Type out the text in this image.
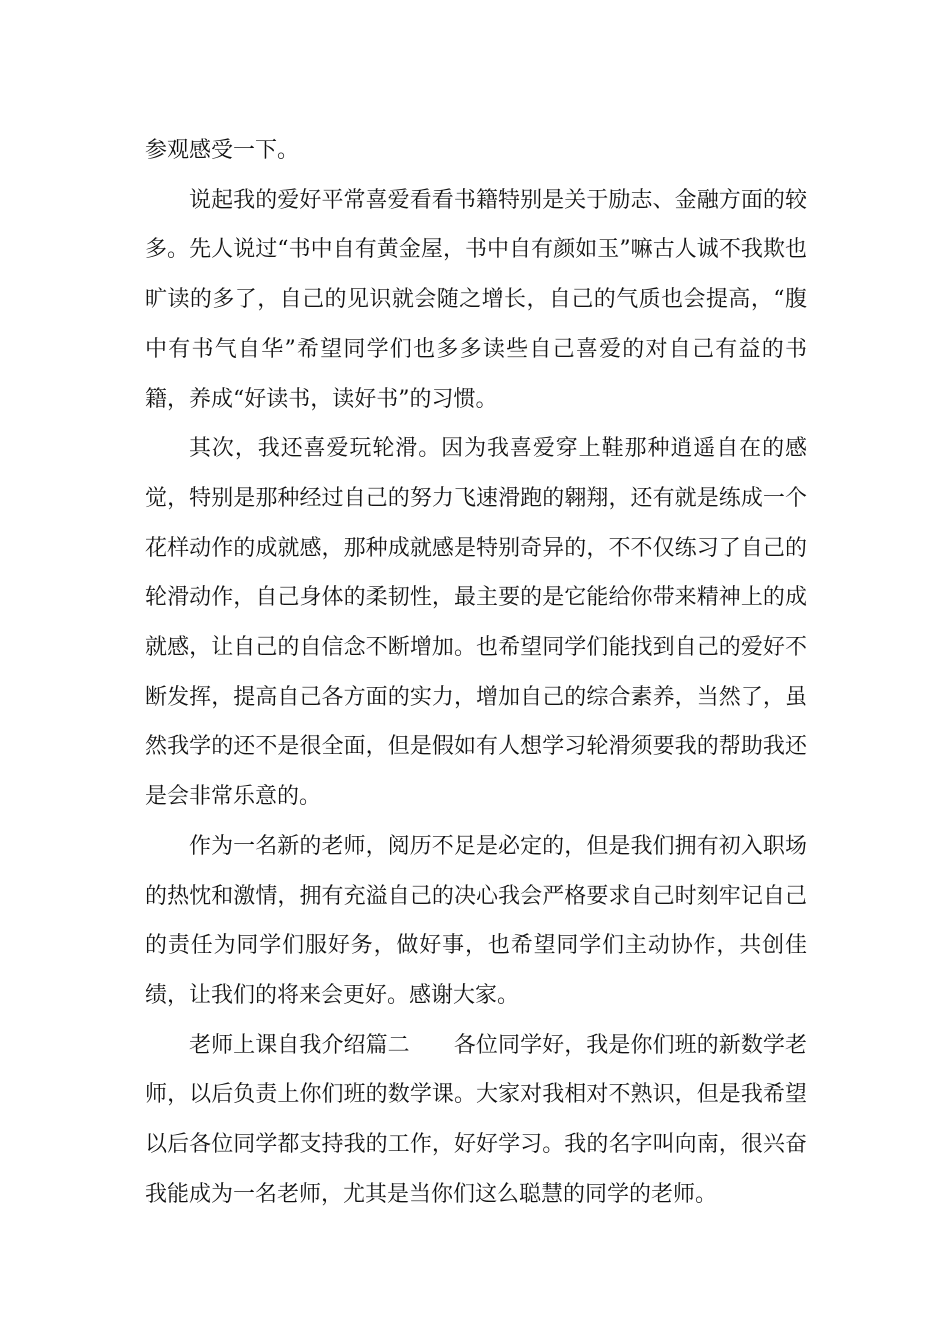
参观感受一下。

说起我的爱好平常喜爱看看书籍特别是关于励志、金融方面的较多。先人说过“书中自有黄金屋，书中自有颜如玉”嘛古人诚不我欺也旷读的多了，自己的见识就会随之增长，自己的气质也会提高，“腹中有书气自华”希望同学们也多多读些自己喜爱的对自己有益的书籍，养成“好读书，读好书”的习惯。

其次，我还喜爱玩轮滑。因为我喜爱穿上鞋那种逍遥自在的感觉，特别是那种经过自己的努力飞速滑跑的翱翔，还有就是练成一个花样动作的成就感，那种成就感是特别奇异的，不不仅练习了自己的轮滑动作，自己身体的柔韧性，最主要的是它能给你带来精神上的成就感，让自己的自信念不断增加。也希望同学们能找到自己的爱好不断发挥，提高自己各方面的实力，增加自己的综合素养，当然了，虽然我学的还不是很全面，但是假如有人想学习轮滑须要我的帮助我还是会非常乐意的。

作为一名新的老师，阅历不足是必定的，但是我们拥有初入职场的热忱和激情，拥有充溢自己的决心我会严格要求自己时刻牢记自己的责任为同学们服好务，做好事，也希望同学们主动协作，共创佳绩，让我们的将来会更好。感谢大家。

老师上课自我介绍篇二 各位同学好，我是你们班的新数学老师，以后负责上你们班的数学课。大家对我相对不熟识，但是我希望以后各位同学都支持我的工作，好好学习。我的名字叫向南，很兴奋我能成为一名老师，尤其是当你们这么聪慧的同学的老师。
